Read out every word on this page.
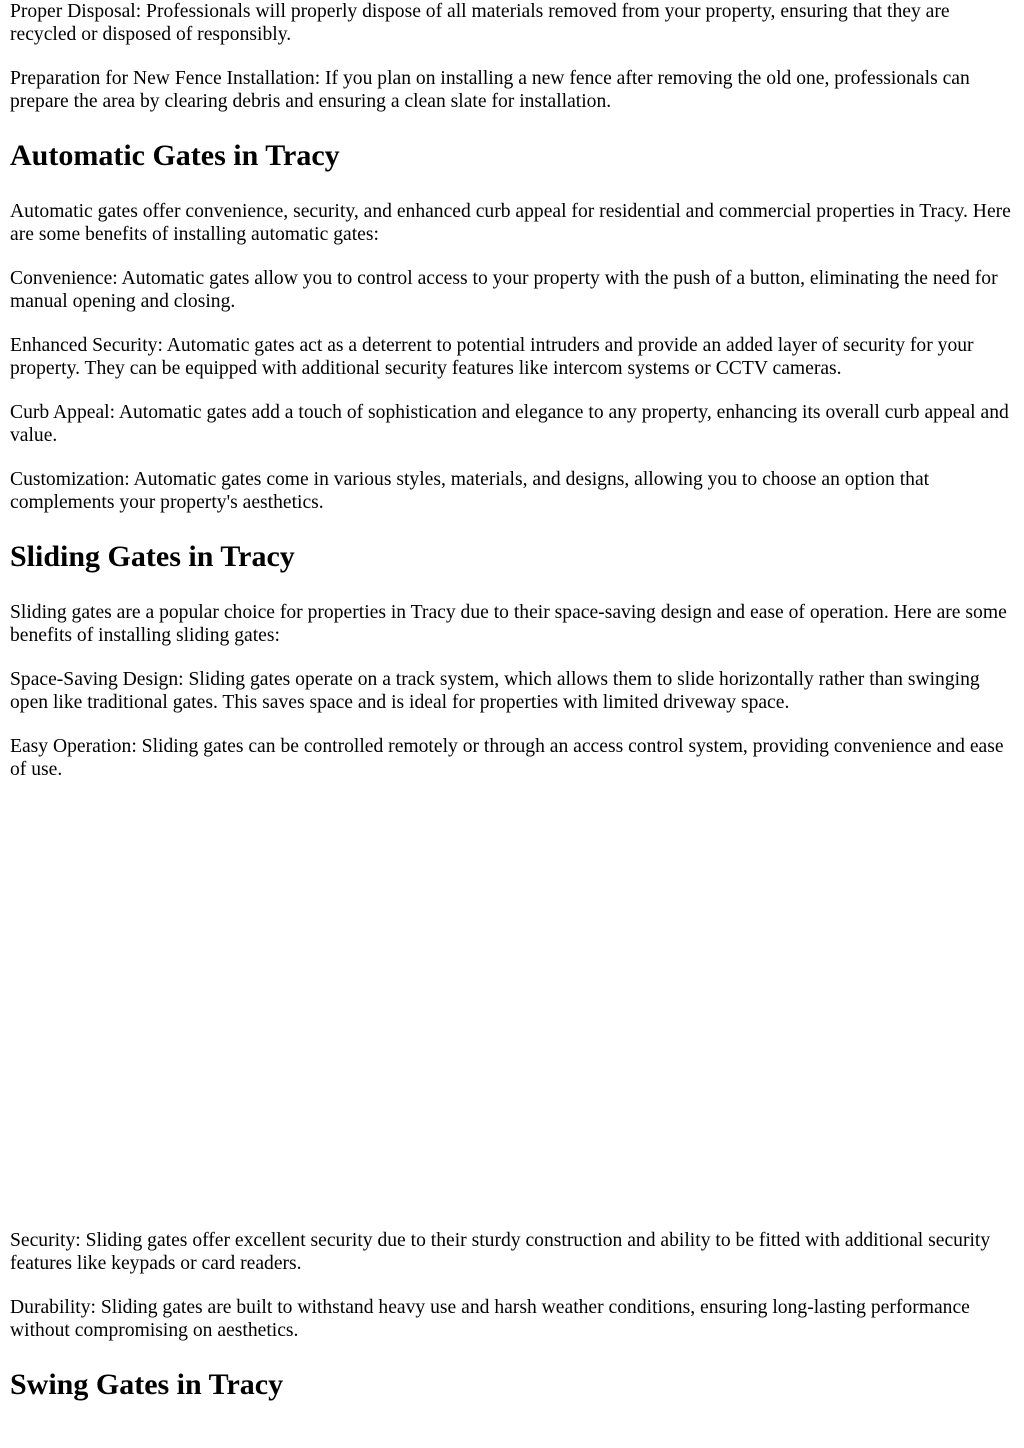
Proper Disposal: Professionals will properly dispose of all materials removed from your property, ensuring that they are recycled or disposed of responsibly.

Preparation for New Fence Installation: If you plan on installing a new fence after removing the old one, professionals can prepare the area by clearing debris and ensuring a clean slate for installation.

Automatic Gates in Tracy

Automatic gates offer convenience, security, and enhanced curb appeal for residential and commercial properties in Tracy. Here are some benefits of installing automatic gates:

Convenience: Automatic gates allow you to control access to your property with the push of a button, eliminating the need for manual opening and closing.

Enhanced Security: Automatic gates act as a deterrent to potential intruders and provide an added layer of security for your property. They can be equipped with additional security features like intercom systems or CCTV cameras.

Curb Appeal: Automatic gates add a touch of sophistication and elegance to any property, enhancing its overall curb appeal and value.

Customization: Automatic gates come in various styles, materials, and designs, allowing you to choose an option that complements your property's aesthetics.

Sliding Gates in Tracy

Sliding gates are a popular choice for properties in Tracy due to their space-saving design and ease of operation. Here are some benefits of installing sliding gates:

Space-Saving Design: Sliding gates operate on a track system, which allows them to slide horizontally rather than swinging open like traditional gates. This saves space and is ideal for properties with limited driveway space.

Easy Operation: Sliding gates can be controlled remotely or through an access control system, providing convenience and ease of use.

Security: Sliding gates offer excellent security due to their sturdy construction and ability to be fitted with additional security features like keypads or card readers.

Durability: Sliding gates are built to withstand heavy use and harsh weather conditions, ensuring long-lasting performance without compromising on aesthetics.

Swing Gates in Tracy
